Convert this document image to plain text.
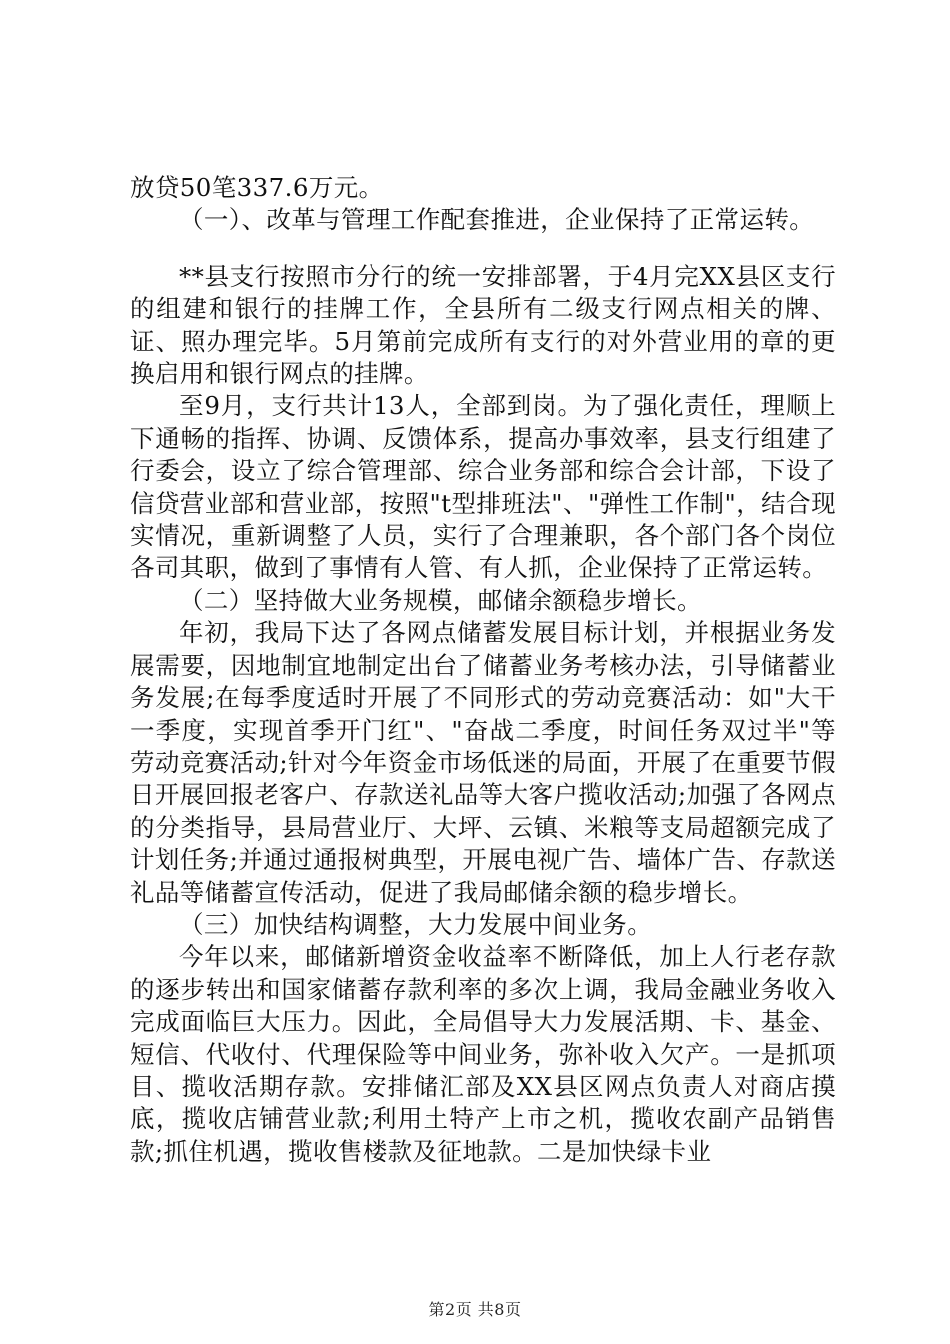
放贷50笔337.6万元。

（一）、改革与管理工作配套推进，企业保持了正常运转。

**县支行按照市分行的统一安排部署，于4月完XX县区支行的组建和银行的挂牌工作，全县所有二级支行网点相关的牌、证、照办理完毕。5月第前完成所有支行的对外营业用的章的更换启用和银行网点的挂牌。

至9月，支行共计13人，全部到岗。为了强化责任，理顺上下通畅的指挥、协调、反馈体系，提高办事效率，县支行组建了行委会，设立了综合管理部、综合业务部和综合会计部，下设了信贷营业部和营业部，按照"t型排班法"、"弹性工作制"，结合现实情况，重新调整了人员，实行了合理兼职，各个部门各个岗位各司其职，做到了事情有人管、有人抓，企业保持了正常运转。

（二）坚持做大业务规模，邮储余额稳步增长。

年初，我局下达了各网点储蓄发展目标计划，并根据业务发展需要，因地制宜地制定出台了储蓄业务考核办法，引导储蓄业务发展;在每季度适时开展了不同形式的劳动竞赛活动：如"大干一季度，实现首季开门红"、"奋战二季度，时间任务双过半"等劳动竞赛活动;针对今年资金市场低迷的局面，开展了在重要节假日开展回报老客户、存款送礼品等大客户揽收活动;加强了各网点的分类指导，县局营业厅、大坪、云镇、米粮等支局超额完成了计划任务;并通过通报树典型，开展电视广告、墙体广告、存款送礼品等储蓄宣传活动，促进了我局邮储余额的稳步增长。

（三）加快结构调整，大力发展中间业务。

今年以来，邮储新增资金收益率不断降低，加上人行老存款的逐步转出和国家储蓄存款利率的多次上调，我局金融业务收入完成面临巨大压力。因此，全局倡导大力发展活期、卡、基金、短信、代收付、代理保险等中间业务，弥补收入欠产。一是抓项目、揽收活期存款。安排储汇部及XX县区网点负责人对商店摸底，揽收店铺营业款;利用土特产上市之机，揽收农副产品销售款;抓住机遇，揽收售楼款及征地款。二是加快绿卡业

第2页 共8页
